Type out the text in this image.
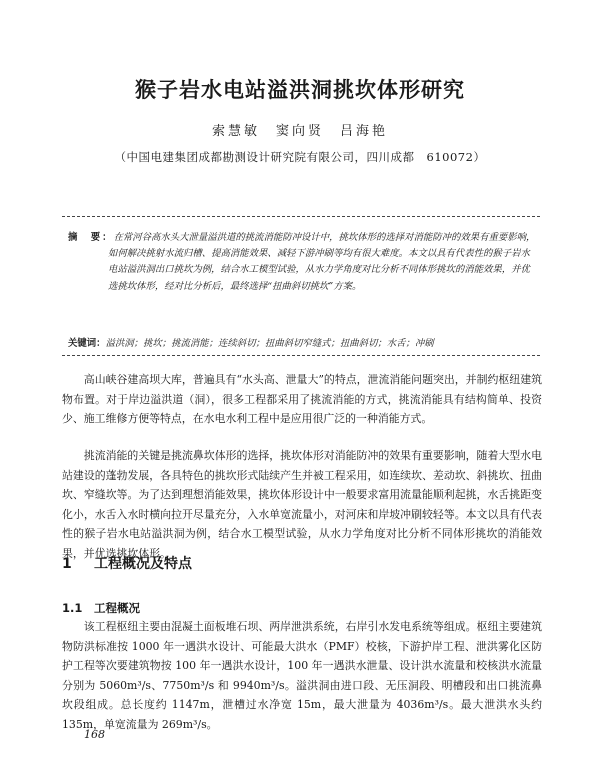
猴子岩水电站溢洪洞挑坎体形研究
索慧敏　窦向贤　吕海艳
（中国电建集团成都勘测设计研究院有限公司，四川成都　610072）
摘　要：在常河谷高水头大泄量溢洪道的挑流消能防冲设计中，挑坎体形的选择对消能防冲的效果有重要影响，如何解决挑射水流归槽、提高消能效果、减轻下游冲刷等均有很大难度。本文以具有代表性的猴子岩水电站溢洪洞出口挑坎为例，结合水工模型试验，从水力学角度对比分析不同体形挑坎的消能效果，并优选挑坎体形，经对比分析后，最终选择“扭曲斜切挑坎”方案。
关键词：溢洪洞；挑坎；挑流消能；连续斜切；扭曲斜切窄缝式；扭曲斜切；水舌；冲刷
高山峡谷建高坝大库，普遍具有“水头高、泄量大”的特点，泄流消能问题突出，并制约枢纽建筑物布置。对于岸边溢洪道（洞），很多工程都采用了挑流消能的方式，挑流消能具有结构简单、投资少、施工维修方便等特点，在水电水利工程中是应用很广泛的一种消能方式。
挑流消能的关键是挑流鼻坎体形的选择，挑坎体形对消能防冲的效果有重要影响，随着大型水电站建设的蓬勃发展，各具特色的挑坎形式陆续产生并被工程采用，如连续坎、差动坎、斜挑坎、扭曲坎、窄缝坎等。为了达到理想消能效果，挑坎体形设计中一般要求富用流量能顺利起挑，水舌挑距变化小，水舌入水时横向拉开尽量充分，入水单宽流量小，对河床和岸坡冲刷较轻等。本文以具有代表性的猴子岩水电站溢洪洞为例，结合水工模型试验，从水力学角度对比分析不同体形挑坎的消能效果，并优选挑坎体形。
1 工程概况及特点
1.1 工程概况
该工程枢纽主要由混凝土面板堆石坝、两岸泄洪系统，右岸引水发电系统等组成。枢纽主要建筑物防洪标准按 1000 年一遇洪水设计、可能最大洪水（PMF）校核，下游护岸工程、泄洪雾化区防护工程等次要建筑物按 100 年一遇洪水设计，100 年一遇洪水泄量、设计洪水流量和校核洪水流量分别为 5060m³/s、7750m³/s 和 9940m³/s。溢洪洞由进口段、无压洞段、明槽段和出口挑流鼻坎段组成。总长度约 1147m，泄槽过水净宽 15m，最大泄量为 4036m³/s。最大泄洪水头约 135m，单宽流量为 269m³/s。
168
